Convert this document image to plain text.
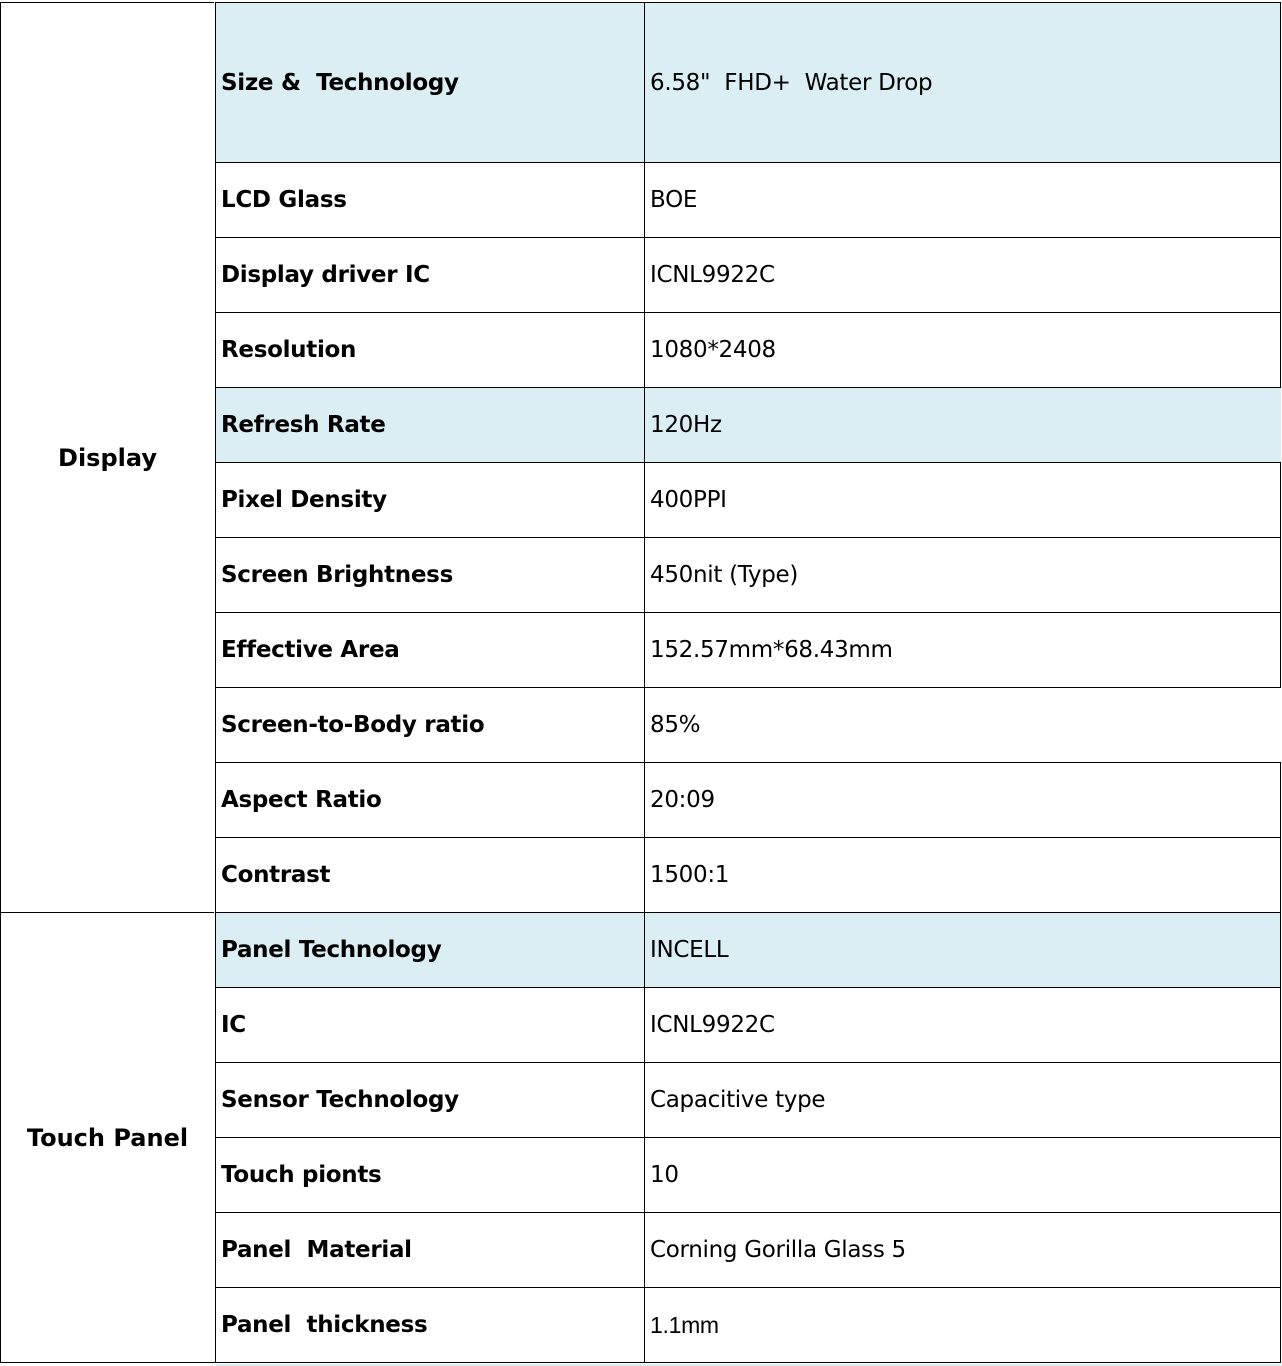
Display
Size &  Technology	6.58"  FHD+  Water Drop
LCD Glass	BOE
Display driver IC	ICNL9922C
Resolution	1080*2408
Refresh Rate	120Hz
Pixel Density	400PPI
Screen Brightness	450nit (Type)
Effective Area	152.57mm*68.43mm
Screen-to-Body ratio	85%
Aspect Ratio	20:09
Contrast	1500:1
Touch Panel
Panel Technology	INCELL
IC	ICNL9922C
Sensor Technology	Capacitive type
Touch pionts	10
Panel  Material	Corning Gorilla Glass 5
Panel  thickness	1.1mm
